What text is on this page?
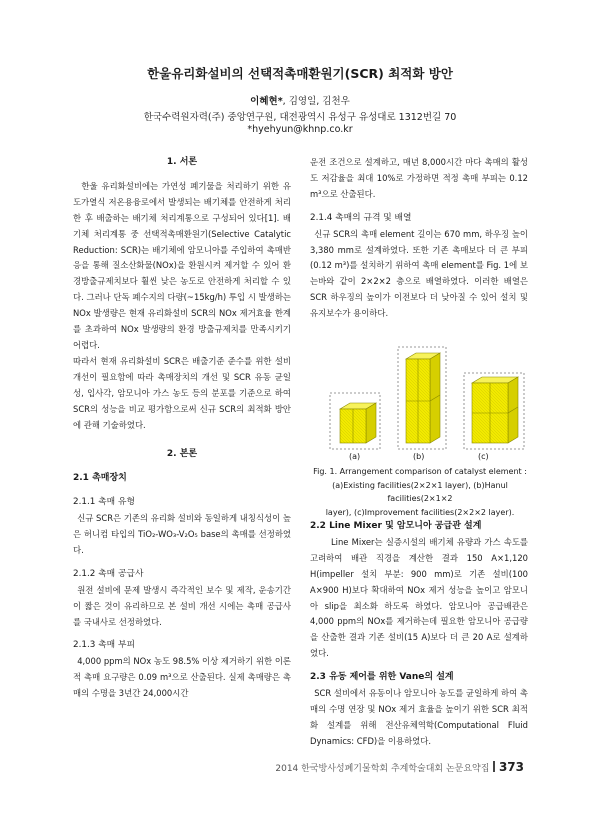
한울유리화설비의 선택적촉매환원기(SCR) 최적화 방안
이혜현*, 김영일, 김천우
한국수력원자력(주) 중앙연구원, 대전광역시 유성구 유성대로 1312번길 70
*hyehyun@khnp.co.kr

1. 서론

한울 유리화설비에는 가연성 폐기물을 처리하기 위한 유도가열식 저온용융로에서 발생되는 배기체를 안전하게 처리한 후 배출하는 배기체 처리계통으로 구성되어 있다[1]. 배기체 처리계통 중 선택적촉매환원기(Selective Catalytic Reduction: SCR)는 배기체에 암모니아를 주입하여 촉매반응을 통해 질소산화물(NOx)을 환원시켜 제거할 수 있어 환경방출규제치보다 훨씬 낮은 농도로 안전하게 처리할 수 있다. 그러나 단독 폐수지의 다량(~15kg/h) 투입 시 발생하는 NOx 발생량은 현재 유리화설비 SCR의 NOx 제거효율 한계를 초과하여 NOx 발생량의 환경 방출규제치를 만족시키기 어렵다.

따라서 현재 유리화설비 SCR은 배출기준 준수를 위한 설비개선이 필요함에 따라 촉매장치의 개선 및 SCR 유동 균일성, 입사각, 암모니아 가스 농도 등의 분포를 기준으로 하여 SCR의 성능을 비교 평가함으로써 신규 SCR의 최적화 방안에 관해 기술하였다.

2. 본론

2.1 촉매장치

2.1.1 촉매 유형

신규 SCR은 기존의 유리화 설비와 동일하게 내칭식성이 높은 허니컴 타입의 TiO₂-WO₃-V₂O₅ base의 촉매를 선정하였다.

2.1.2 촉매 공급사

원전 설비에 문제 발생시 즉각적인 보수 및 제작, 운송기간이 짧은 것이 유리하므로 본 설비 개선 시에는 촉매 공급사를 국내사로 선정하였다.

2.1.3 촉매 부피

4,000 ppm의 NOx 농도 98.5% 이상 제거하기 위한 이론적 촉매 요구량은 0.09 m³으로 산출된다. 실제 촉매량은 촉매의 수명을 3년간 24,000시간

운전 조건으로 설계하고, 매년 8,000시간 마다 촉매의 활성도 저감율을 최대 10%로 가정하면 적정 촉매 부피는 0.12 m³으로 산출된다.

2.1.4 촉매의 규격 및 배열

신규 SCR의 촉매 element 길이는 670 mm, 하우징 높이 3,380 mm로 설계하였다. 또한 기존 촉매보다 더 큰 부피(0.12 m³)를 설치하기 위하여 촉매 element를 Fig. 1에 보는바와 같이 2×2×2 층으로 배열하였다. 이러한 배열은 SCR 하우징의 높이가 이전보다 더 낮아질 수 있어 설치 및 유지보수가 용이하다.

(a)	(b)	(c)
Fig. 1. Arrangement comparison of catalyst element :
(a)Existing facilities(2×2×1 layer), (b)Hanul facilities(2×1×2
layer), (c)Improvement facilities(2×2×2 layer).

2.2 Line Mixer 및 암모니아 공급관 설계

Line Mixer는 실증시설의 배기체 유량과 가스 속도를 고려하여 배관 직경을 계산한 결과 150 A×1,120 H(impeller 설치 부분: 900 mm)로 기존 설비(100 A×900 H)보다 확대하여 NOx 제거 성능을 높이고 암모니아 slip을 최소화 하도록 하였다. 암모니아 공급배관은 4,000 ppm의 NOx를 제거하는데 필요한 암모니아 공급량을 산출한 결과 기존 설비(15 A)보다 더 큰 20 A로 설계하였다.

2.3 유동 제어를 위한 Vane의 설계

SCR 설비에서 유동이나 암모니아 농도를 균일하게 하여 촉매의 수명 연장 및 NOx 제거 효율을 높이기 위한 SCR 최적화 설계를 위해 전산유체역학(Computational Fluid Dynamics: CFD)을 이용하였다.

2014 한국방사성폐기물학회 추계학술대회 논문요약집 373
